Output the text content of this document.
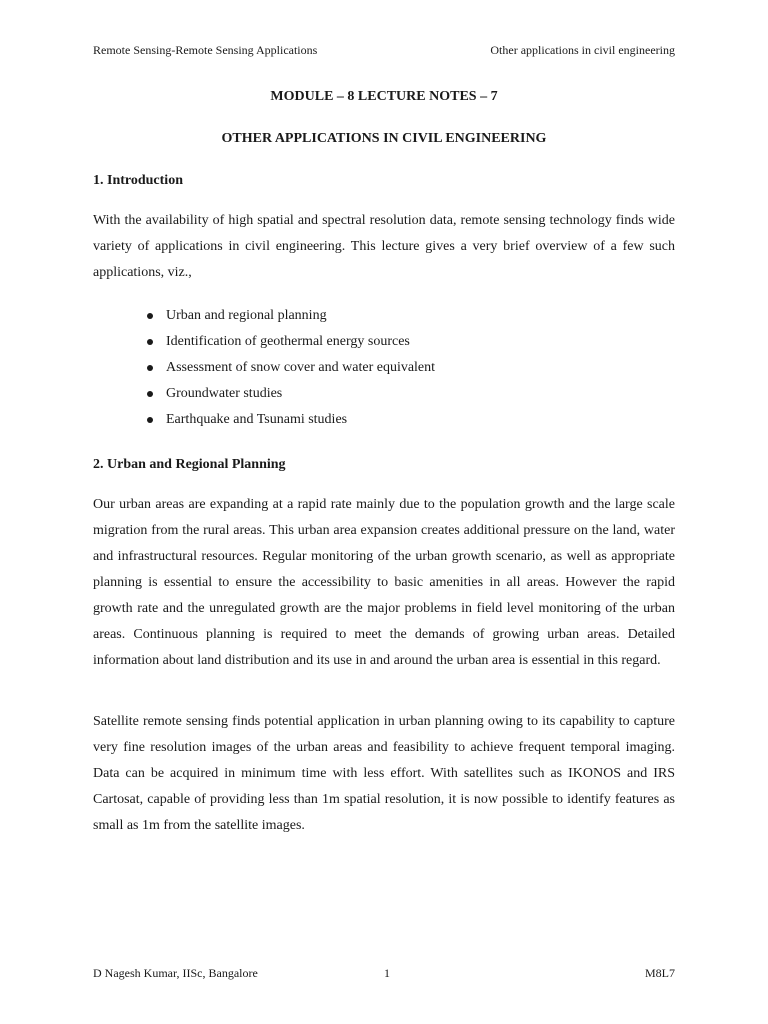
Remote Sensing-Remote Sensing Applications	Other applications in civil engineering
MODULE – 8 LECTURE NOTES – 7
OTHER APPLICATIONS IN CIVIL ENGINEERING
1. Introduction

With the availability of high spatial and spectral resolution data, remote sensing technology finds wide variety of applications in civil engineering. This lecture gives a very brief overview of a few such applications, viz.,

Urban and regional planning
Identification of geothermal energy sources
Assessment of snow cover and water equivalent
Groundwater studies
Earthquake and Tsunami studies
2. Urban and Regional Planning

Our urban areas are expanding at a rapid rate mainly due to the population growth and the large scale migration from the rural areas. This urban area expansion creates additional pressure on the land, water and infrastructural resources. Regular monitoring of the urban growth scenario, as well as appropriate planning is essential to ensure the accessibility to basic amenities in all areas. However the rapid growth rate and the unregulated growth are the major problems in field level monitoring of the urban areas. Continuous planning is required to meet the demands of growing urban areas. Detailed information about land distribution and its use in and around the urban area is essential in this regard.

Satellite remote sensing finds potential application in urban planning owing to its capability to capture very fine resolution images of the urban areas and feasibility to achieve frequent temporal imaging. Data can be acquired in minimum time with less effort. With satellites such as IKONOS and IRS Cartosat, capable of providing less than 1m spatial resolution, it is now possible to identify features as small as 1m from the satellite images.

D Nagesh Kumar, IISc, Bangalore	1	M8L7
